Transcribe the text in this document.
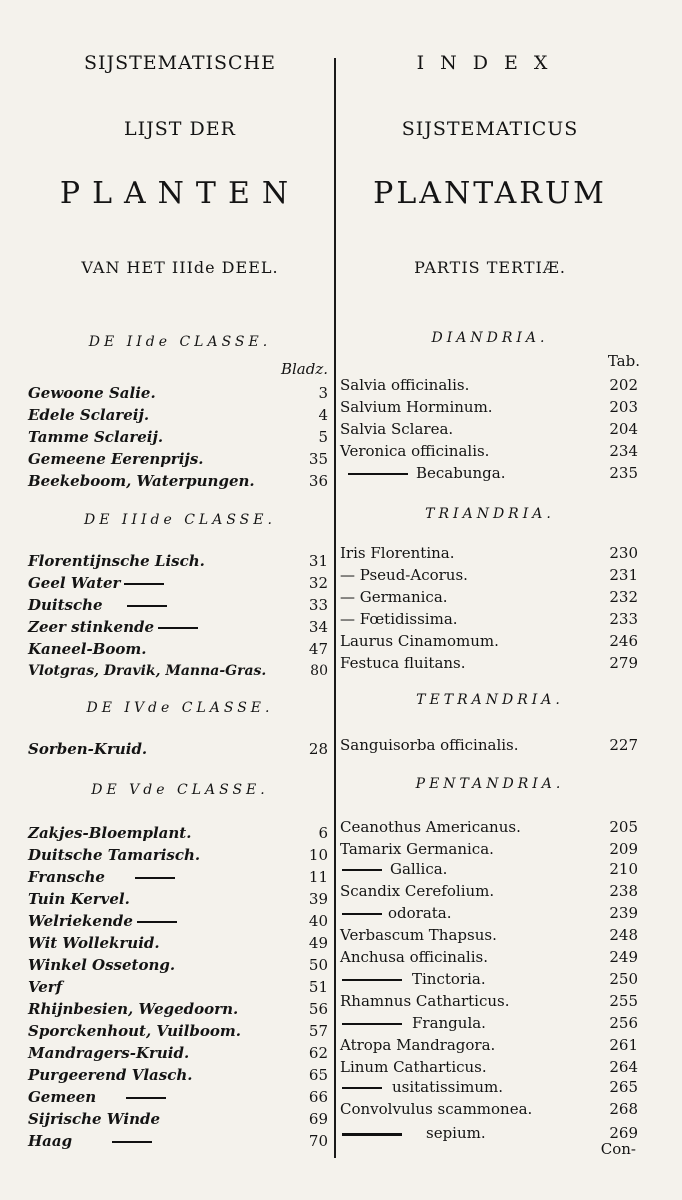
SIJSTEMATISCHE
LIJST DER
PLANTEN
VAN HET IIIde DEEL.
DE IIde CLASSE.
Bladz.
Gewoone Salie.	3
Edele Sclareij.	4
Tamme Sclareij.	5
Gemeene Eerenprijs.	35
Beekeboom, Waterpungen.	36
DE IIIde CLASSE.
Florentijnsche Lisch.	31
Geel Water	32
Duitsche	33
Zeer stinkende	34
Kaneel-Boom.	47
Vlotgras, Dravik, Manna-Gras.	80
DE IVde CLASSE.
Sorben-Kruid.	28
DE Vde CLASSE.
Zakjes-Bloemplant.	6
Duitsche Tamarisch.	10
Fransche	11
Tuin Kervel.	39
Welriekende	40
Wit Wollekruid.	49
Winkel Ossetong.	50
Verf	51
Rhijnbesien, Wegedoorn.	56
Sporckenhout, Vuilboom.	57
Mandragers-Kruid.	62
Purgeerend Vlasch.	65
Gemeen	66
Sijrische Winde	69
Haag	70
INDEX
SIJSTEMATICUS
PLANTARUM
PARTIS TERTIÆ.
DIANDRIA.
Tab.
Salvia officinalis.	202
Salvium Horminum.	203
Salvia Sclarea.	204
Veronica officinalis.	234
Becabunga.	235
TRIANDRIA.
Iris Florentina.	230
— Pseud-Acorus.	231
— Germanica.	232
— Fœtidissima.	233
Laurus Cinamomum.	246
Festuca fluitans.	279
TETRANDRIA.
Sanguisorba officinalis.	227
PENTANDRIA.
Ceanothus Americanus.	205
Tamarix Germanica.	209
Gallica.	210
Scandix Cerefolium.	238
odorata.	239
Verbascum Thapsus.	248
Anchusa officinalis.	249
Tinctoria.	250
Rhamnus Catharticus.	255
Frangula.	256
Atropa Mandragora.	261
Linum Catharticus.	264
usitatissimum.	265
Convolvulus scammonea.	268
sepium.	269
Con-
